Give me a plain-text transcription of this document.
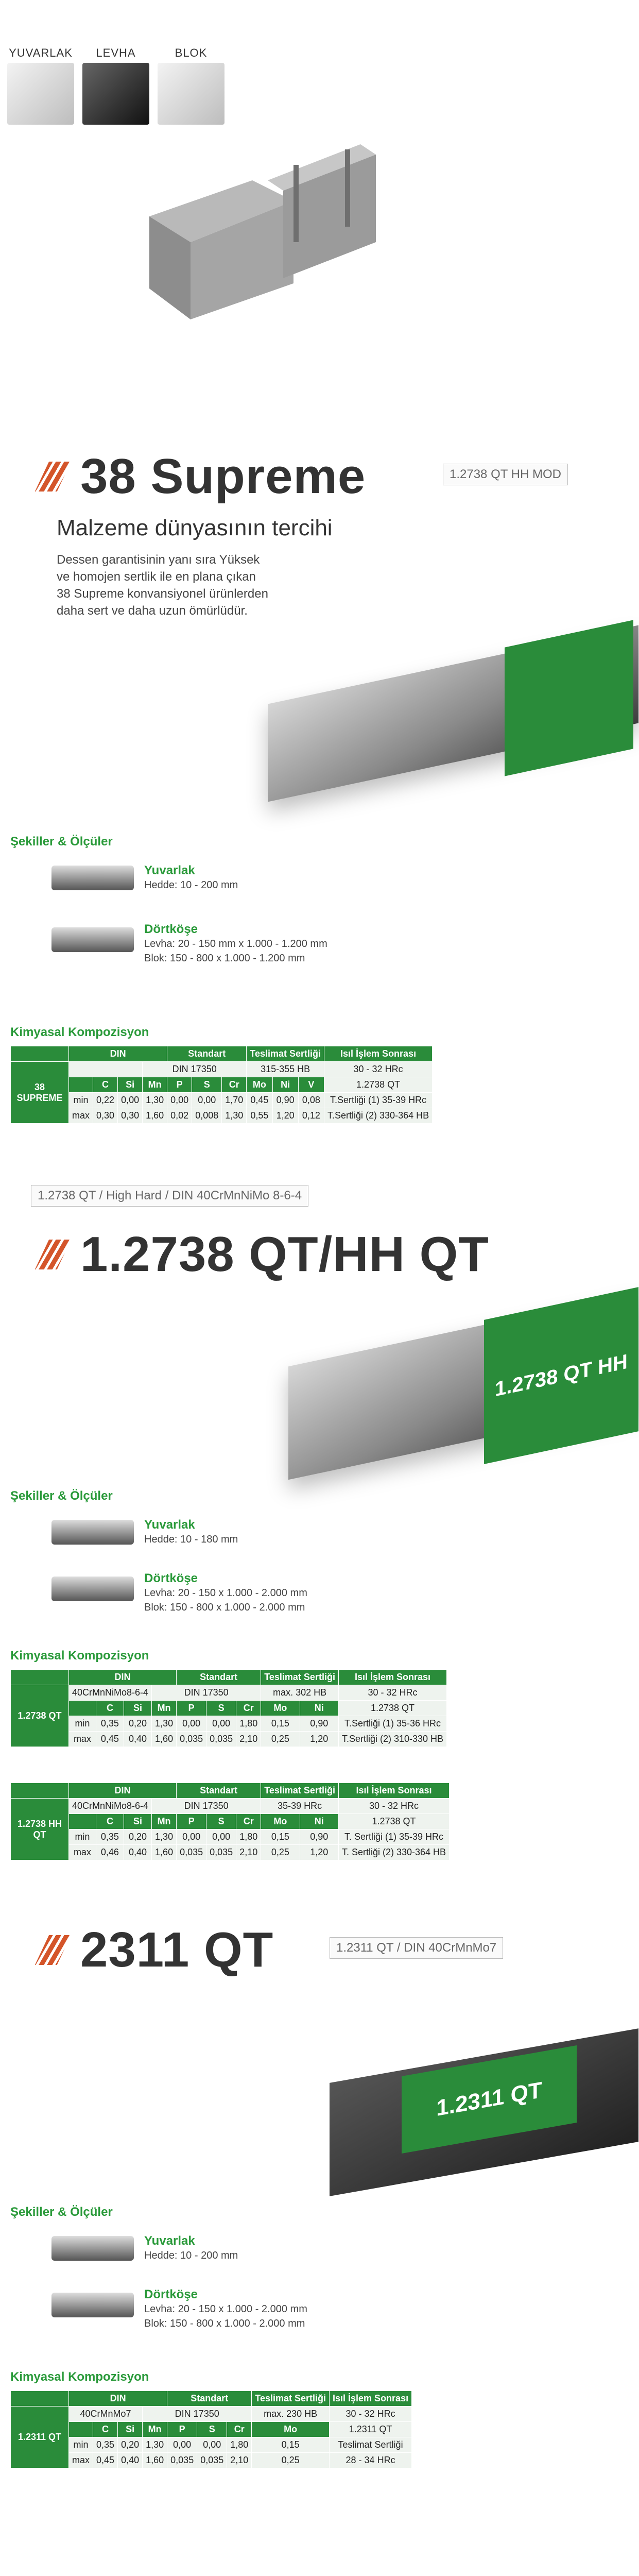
YUVARLAK	LEVHA	BLOK
38 Supreme	1.2738 QT HH MOD
Malzeme dünyasının tercihi
Dessen garantisinin yanı sıra Yüksek ve homojen sertlik ile en plana çıkan 38 Supreme konvansiyonel ürünlerden daha sert ve daha uzun ömürlüdür.
Şekiller & Ölçüler
Yuvarlak
Hedde: 10 - 200 mm
Dörtköşe
Levha: 20 - 150 mm x 1.000 - 1.200 mm
Blok: 150 - 800 x 1.000 - 1.200 mm
Kimyasal Kompozisyon
	DIN				Standart			Teslimat Sertliği			Isıl İşlem Sonrası
38 SUPREME				DIN 17350				315-355 HB			30 - 32 HRc
		C	Si	Mn	P	S	Cr	Mo	Ni	V	1.2738 QT
	min	0,22	0,00	1,30	0,00	0,00	1,70	0,45	0,90	0,08	T.Sertliği (1) 35-39 HRc
	max	0,30	0,30	1,60	0,02	0,008	1,30	0,55	1,20	0,12	T.Sertliği (2) 330-364 HB
1.2738 QT / High Hard / DIN 40CrMnNiMo 8-6-4
1.2738 QT/HH QT
1.2738 QT HH
Şekiller & Ölçüler
Yuvarlak
Hedde: 10 - 180 mm
Dörtköşe
Levha: 20 - 150 x 1.000 - 2.000 mm
Blok: 150 - 800 x 1.000 - 2.000 mm
Kimyasal Kompozisyon
	DIN				Standart			Teslimat Sertliği		Isıl İşlem Sonrası
1.2738 QT	40CrMnNiMo8-6-4			DIN 17350				max. 302 HB		30 - 32 HRc
		C	Si	Mn	P	S	Cr	Mo	Ni	1.2738 QT
	min	0,35	0,20	1,30	0,00	0,00	1,80	0,15	0,90	T.Sertliği (1) 35-36 HRc
	max	0,45	0,40	1,60	0,035	0,035	2,10	0,25	1,20	T.Sertliği (2) 310-330 HB
	DIN				Standart			Teslimat Sertliği		Isıl İşlem Sonrası
1.2738 HH QT	40CrMnNiMo8-6-4			DIN 17350				35-39 HRc		30 - 32 HRc
		C	Si	Mn	P	S	Cr	Mo	Ni	1.2738 QT
	min	0,35	0,20	1,30	0,00	0,00	1,80	0,15	0,90	T. Sertliği (1) 35-39 HRc
	max	0,46	0,40	1,60	0,035	0,035	2,10	0,25	1,20	T. Sertliği (2) 330-364 HB
2311 QT	1.2311 QT / DIN 40CrMnMo7
1.2311 QT
Şekiller & Ölçüler
Yuvarlak
Hedde: 10 - 200 mm
Dörtköşe
Levha: 20 - 150 x 1.000 - 2.000 mm
Blok: 150 - 800 x 1.000 - 2.000 mm
Kimyasal Kompozisyon
	DIN				Standart			Teslimat Sertliği	Isıl İşlem Sonrası
1.2311 QT	40CrMnMo7			DIN 17350				max. 230 HB	30 - 32 HRc
		C	Si	Mn	P	S	Cr	Mo	1.2311 QT
	min	0,35	0,20	1,30	0,00	0,00	1,80	0,15	Teslimat Sertliği
	max	0,45	0,40	1,60	0,035	0,035	2,10	0,25	28 - 34 HRc
